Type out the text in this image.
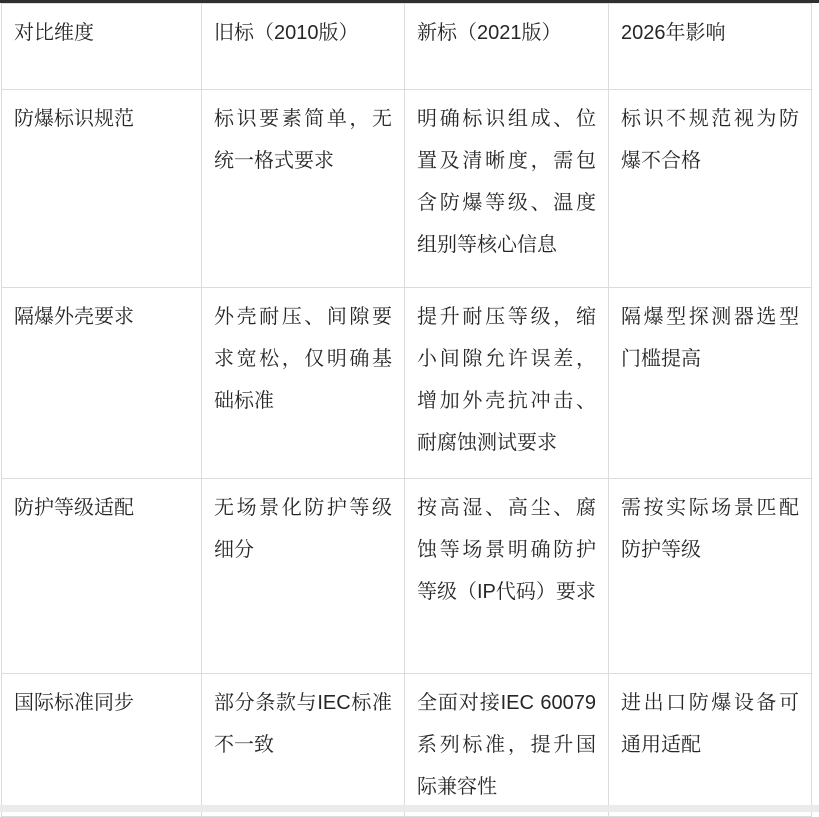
对比维度	旧标（2010版）	新标（2021版）	2026年影响
防爆标识规范	标识要素简单，无统一格式要求	明确标识组成、位置及清晰度，需包含防爆等级、温度组别等核心信息	标识不规范视为防爆不合格
隔爆外壳要求	外壳耐压、间隙要求宽松，仅明确基础标准	提升耐压等级，缩小间隙允许误差，增加外壳抗冲击、耐腐蚀测试要求	隔爆型探测器选型门槛提高
防护等级适配	无场景化防护等级细分	按高湿、高尘、腐蚀等场景明确防护等级（IP代码）要求	需按实际场景匹配防护等级
国际标准同步	部分条款与IEC标准不一致	全面对接IEC 60079系列标准，提升国际兼容性	进出口防爆设备可通用适配
